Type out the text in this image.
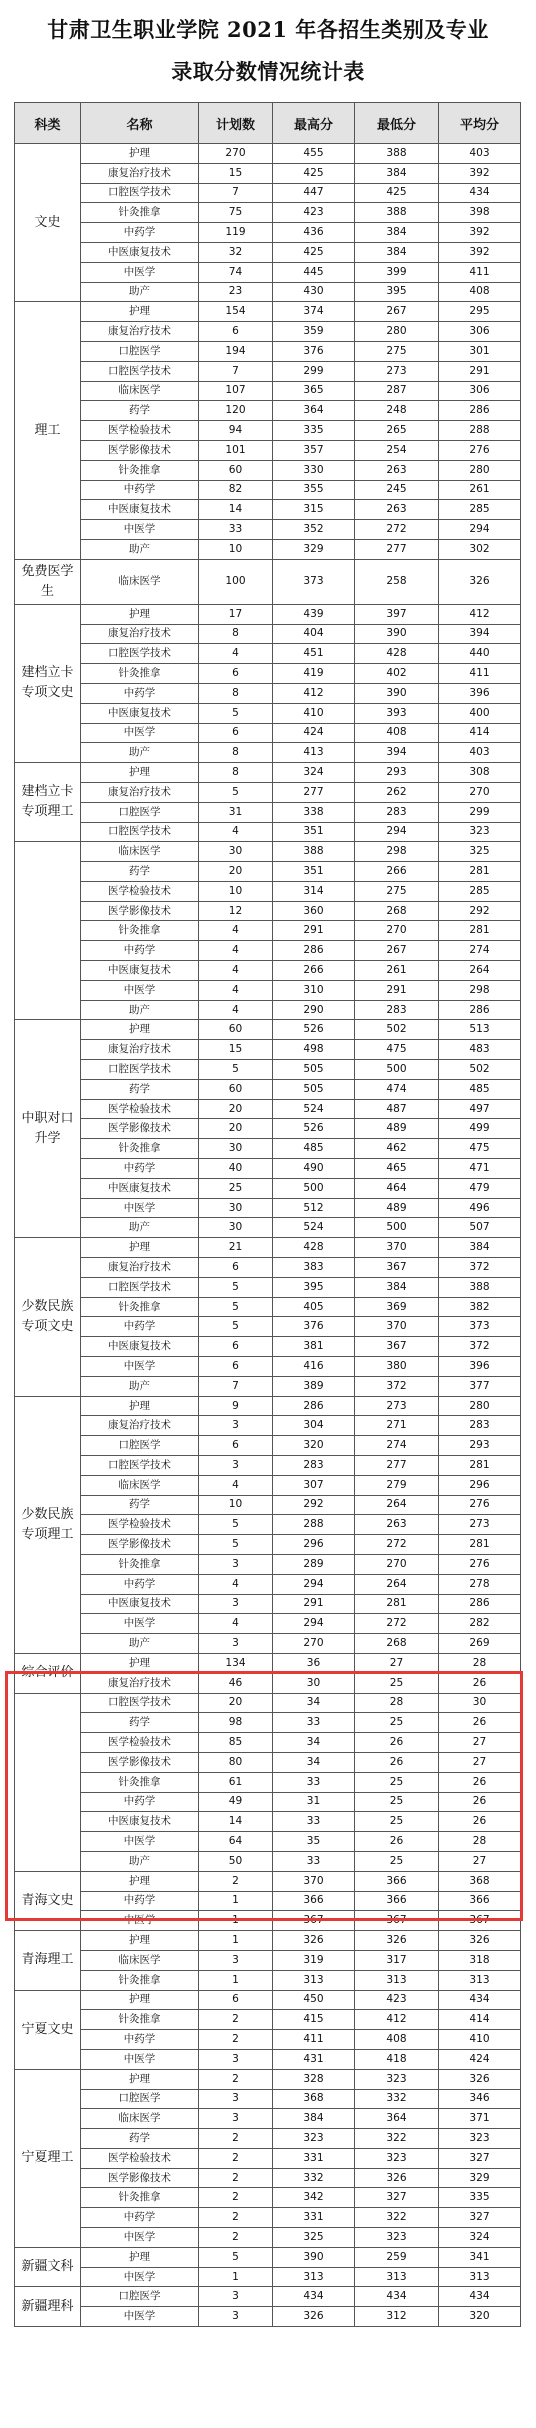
甘肃卫生职业学院 2021 年各招生类别及专业
录取分数情况统计表
科类	名称	计划数	最高分	最低分	平均分
文史	护理	270	455	388	403
	康复治疗技术	15	425	384	392
	口腔医学技术	7	447	425	434
	针灸推拿	75	423	388	398
	中药学	119	436	384	392
	中医康复技术	32	425	384	392
	中医学	74	445	399	411
	助产	23	430	395	408
理工	护理	154	374	267	295
	康复治疗技术	6	359	280	306
	口腔医学	194	376	275	301
	口腔医学技术	7	299	273	291
	临床医学	107	365	287	306
	药学	120	364	248	286
	医学检验技术	94	335	265	288
	医学影像技术	101	357	254	276
	针灸推拿	60	330	263	280
	中药学	82	355	245	261
	中医康复技术	14	315	263	285
	中医学	33	352	272	294
	助产	10	329	277	302
免费医学生	临床医学	100	373	258	326
建档立卡专项文史	护理	17	439	397	412
	康复治疗技术	8	404	390	394
	口腔医学技术	4	451	428	440
	针灸推拿	6	419	402	411
	中药学	8	412	390	396
	中医康复技术	5	410	393	400
	中医学	6	424	408	414
	助产	8	413	394	403
建档立卡专项理工	护理	8	324	293	308
	康复治疗技术	5	277	262	270
	口腔医学	31	338	283	299
	口腔医学技术	4	351	294	323
	临床医学	30	388	298	325
	药学	20	351	266	281
	医学检验技术	10	314	275	285
	医学影像技术	12	360	268	292
	针灸推拿	4	291	270	281
	中药学	4	286	267	274
	中医康复技术	4	266	261	264
	中医学	4	310	291	298
	助产	4	290	283	286
中职对口升学	护理	60	526	502	513
	康复治疗技术	15	498	475	483
	口腔医学技术	5	505	500	502
	药学	60	505	474	485
	医学检验技术	20	524	487	497
	医学影像技术	20	526	489	499
	针灸推拿	30	485	462	475
	中药学	40	490	465	471
	中医康复技术	25	500	464	479
	中医学	30	512	489	496
	助产	30	524	500	507
少数民族专项文史	护理	21	428	370	384
	康复治疗技术	6	383	367	372
	口腔医学技术	5	395	384	388
	针灸推拿	5	405	369	382
	中药学	5	376	370	373
	中医康复技术	6	381	367	372
	中医学	6	416	380	396
	助产	7	389	372	377
少数民族专项理工	护理	9	286	273	280
	康复治疗技术	3	304	271	283
	口腔医学	6	320	274	293
	口腔医学技术	3	283	277	281
	临床医学	4	307	279	296
	药学	10	292	264	276
	医学检验技术	5	288	263	273
	医学影像技术	5	296	272	281
	针灸推拿	3	289	270	276
	中药学	4	294	264	278
	中医康复技术	3	291	281	286
	中医学	4	294	272	282
	助产	3	270	268	269
综合评价	护理	134	36	27	28
	康复治疗技术	46	30	25	26
	口腔医学技术	20	34	28	30
	药学	98	33	25	26
	医学检验技术	85	34	26	27
	医学影像技术	80	34	26	27
	针灸推拿	61	33	25	26
	中药学	49	31	25	26
	中医康复技术	14	33	25	26
	中医学	64	35	26	28
	助产	50	33	25	27
青海文史	护理	2	370	366	368
	中药学	1	366	366	366
	中医学	1	367	367	367
青海理工	护理	1	326	326	326
	临床医学	3	319	317	318
	针灸推拿	1	313	313	313
宁夏文史	护理	6	450	423	434
	针灸推拿	2	415	412	414
	中药学	2	411	408	410
	中医学	3	431	418	424
宁夏理工	护理	2	328	323	326
	口腔医学	3	368	332	346
	临床医学	3	384	364	371
	药学	2	323	322	323
	医学检验技术	2	331	323	327
	医学影像技术	2	332	326	329
	针灸推拿	2	342	327	335
	中药学	2	331	322	327
	中医学	2	325	323	324
新疆文科	护理	5	390	259	341
	中医学	1	313	313	313
新疆理科	口腔医学	3	434	434	434
	中医学	3	326	312	320
